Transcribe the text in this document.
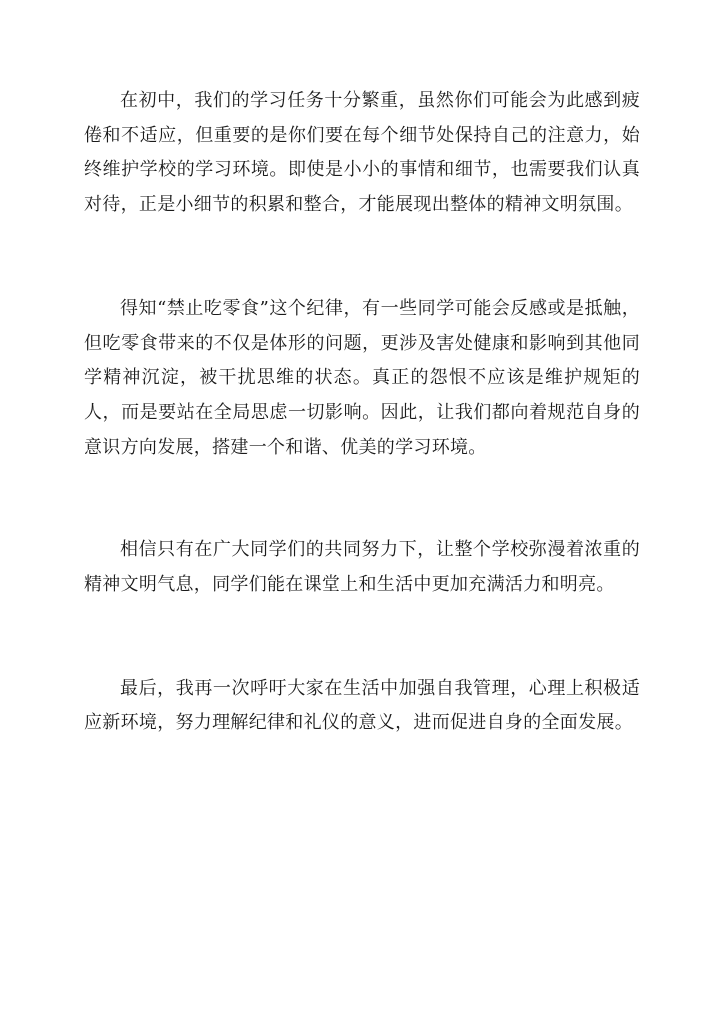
在初中，我们的学习任务十分繁重，虽然你们可能会为此感到疲倦和不适应，但重要的是你们要在每个细节处保持自己的注意力，始终维护学校的学习环境。即使是小小的事情和细节，也需要我们认真对待，正是小细节的积累和整合，才能展现出整体的精神文明氛围。

得知“禁止吃零食”这个纪律，有一些同学可能会反感或是抵触，但吃零食带来的不仅是体形的问题，更涉及害处健康和影响到其他同学精神沉淀，被干扰思维的状态。真正的怨恨不应该是维护规矩的人，而是要站在全局思虑一切影响。因此，让我们都向着规范自身的意识方向发展，搭建一个和谐、优美的学习环境。

相信只有在广大同学们的共同努力下，让整个学校弥漫着浓重的精神文明气息，同学们能在课堂上和生活中更加充满活力和明亮。

最后，我再一次呼吁大家在生活中加强自我管理，心理上积极适应新环境，努力理解纪律和礼仪的意义，进而促进自身的全面发展。
